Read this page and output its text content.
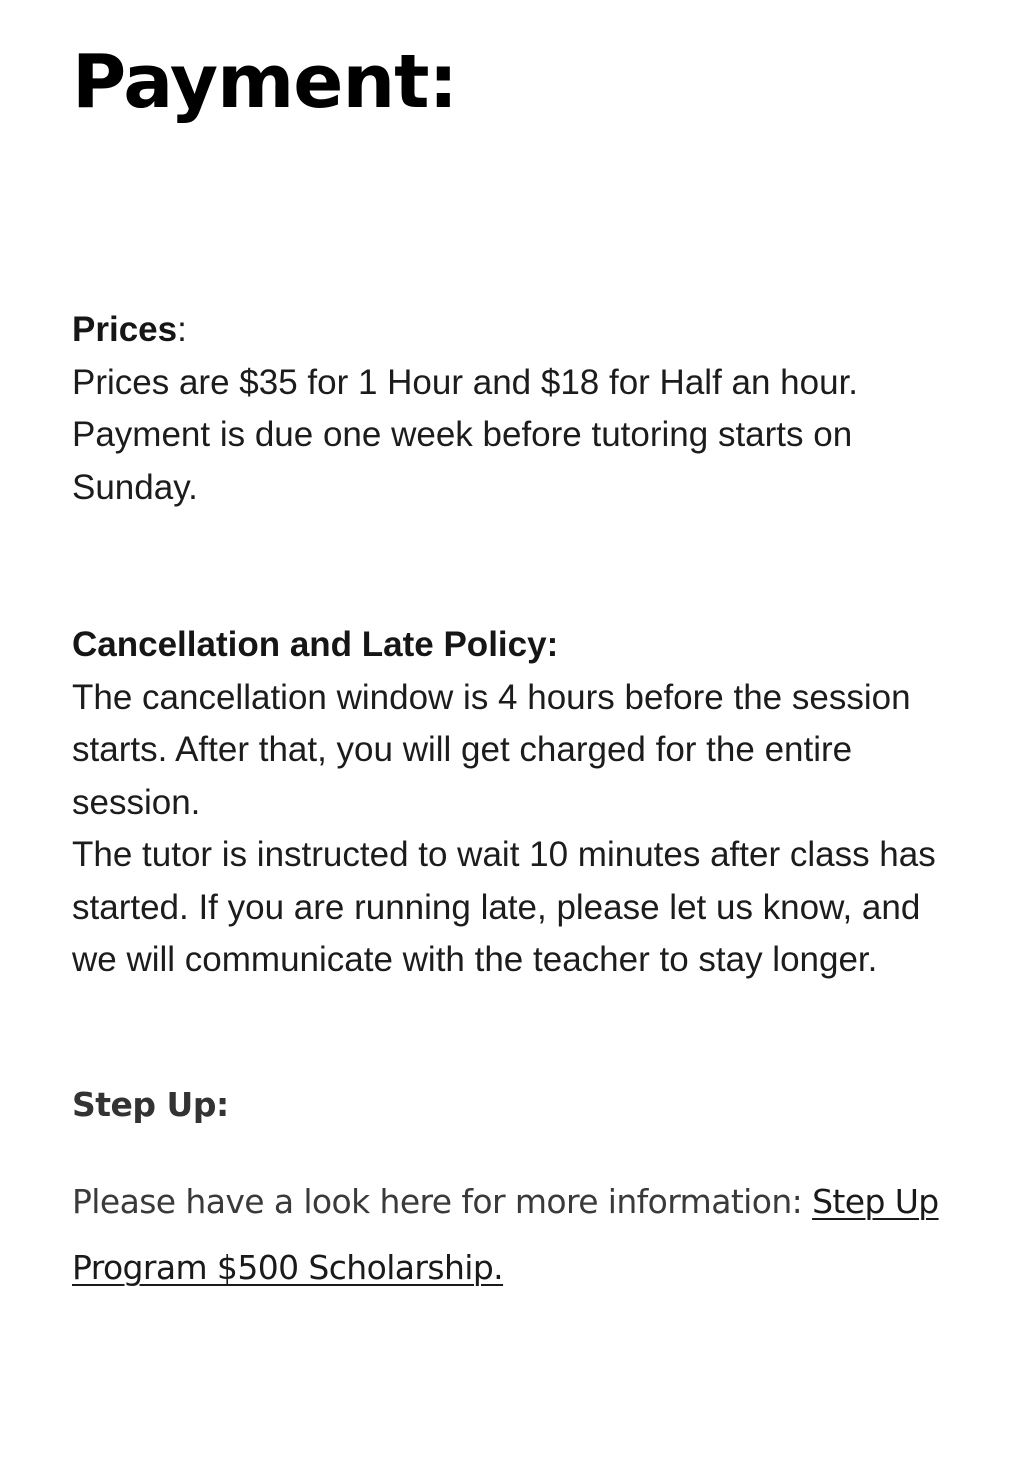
Payment:

Prices:

Prices are $35 for 1 Hour and $18 for Half an hour.

Payment is due one week before tutoring starts on Sunday.

Cancellation and Late Policy:

The cancellation window is 4 hours before the session starts. After that, you will get charged for the entire session.

The tutor is instructed to wait 10 minutes after class has started. If you are running late, please let us know, and we will communicate with the teacher to stay longer.

Step Up:

Please have a look here for more information: Step Up Program $500 Scholarship.
